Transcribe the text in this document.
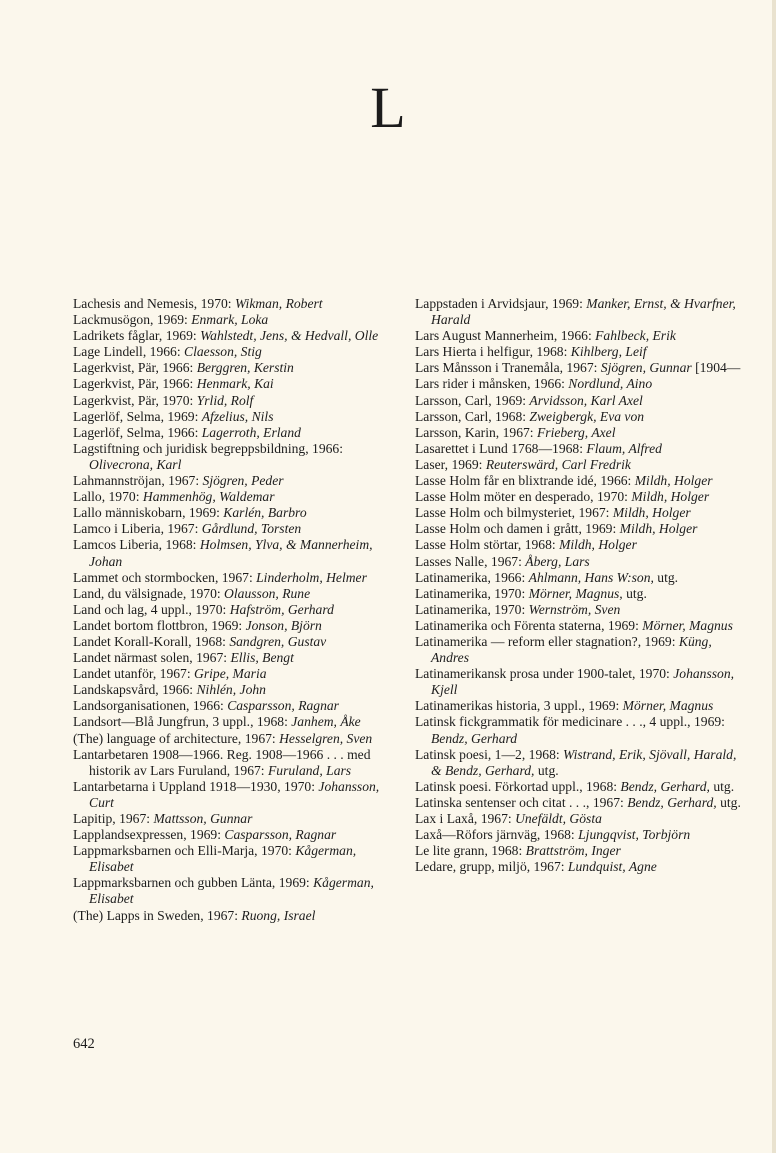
L
Lachesis and Nemesis, 1970: Wikman, Robert
Lackmusögon, 1969: Enmark, Loka
Ladrikets fåglar, 1969: Wahlstedt, Jens, & Hedvall, Olle
Lage Lindell, 1966: Claesson, Stig
Lagerkvist, Pär, 1966: Berggren, Kerstin
Lagerkvist, Pär, 1966: Henmark, Kai
Lagerkvist, Pär, 1970: Yrlid, Rolf
Lagerlöf, Selma, 1969: Afzelius, Nils
Lagerlöf, Selma, 1966: Lagerroth, Erland
Lagstiftning och juridisk begreppsbildning, 1966: Olivecrona, Karl
Lahmannströjan, 1967: Sjögren, Peder
Lallo, 1970: Hammenhög, Waldemar
Lallo människobarn, 1969: Karlén, Barbro
Lamco i Liberia, 1967: Gårdlund, Torsten
Lamcos Liberia, 1968: Holmsen, Ylva, & Mannerheim, Johan
Lammet och stormbocken, 1967: Linderholm, Helmer
Land, du välsignade, 1970: Olausson, Rune
Land och lag, 4 uppl., 1970: Hafström, Gerhard
Landet bortom flottbron, 1969: Jonson, Björn
Landet Korall-Korall, 1968: Sandgren, Gustav
Landet närmast solen, 1967: Ellis, Bengt
Landet utanför, 1967: Gripe, Maria
Landskapsvård, 1966: Nihlén, John
Landsorganisationen, 1966: Casparsson, Ragnar
Landsort—Blå Jungfrun, 3 uppl., 1968: Janhem, Åke
(The) language of architecture, 1967: Hesselgren, Sven
Lantarbetaren 1908—1966. Reg. 1908—1966 . . . med historik av Lars Furuland, 1967: Furuland, Lars
Lantarbetarna i Uppland 1918—1930, 1970: Johansson, Curt
Lapitip, 1967: Mattsson, Gunnar
Lapplandsexpressen, 1969: Casparsson, Ragnar
Lappmarksbarnen och Elli-Marja, 1970: Kågerman, Elisabet
Lappmarksbarnen och gubben Länta, 1969: Kågerman, Elisabet
(The) Lapps in Sweden, 1967: Ruong, Israel
Lappstaden i Arvidsjaur, 1969: Manker, Ernst, & Hvarfner, Harald
Lars August Mannerheim, 1966: Fahlbeck, Erik
Lars Hierta i helfigur, 1968: Kihlberg, Leif
Lars Månsson i Tranemåla, 1967: Sjögren, Gunnar [1904—
Lars rider i månsken, 1966: Nordlund, Aino
Larsson, Carl, 1969: Arvidsson, Karl Axel
Larsson, Carl, 1968: Zweigbergk, Eva von
Larsson, Karin, 1967: Frieberg, Axel
Lasarettet i Lund 1768—1968: Flaum, Alfred
Laser, 1969: Reuterswärd, Carl Fredrik
Lasse Holm får en blixtrande idé, 1966: Mildh, Holger
Lasse Holm möter en desperado, 1970: Mildh, Holger
Lasse Holm och bilmysteriet, 1967: Mildh, Holger
Lasse Holm och damen i grått, 1969: Mildh, Holger
Lasse Holm störtar, 1968: Mildh, Holger
Lasses Nalle, 1967: Åberg, Lars
Latinamerika, 1966: Ahlmann, Hans W:son, utg.
Latinamerika, 1970: Mörner, Magnus, utg.
Latinamerika, 1970: Wernström, Sven
Latinamerika och Förenta staterna, 1969: Mörner, Magnus
Latinamerika — reform eller stagnation?, 1969: Küng, Andres
Latinamerikansk prosa under 1900-talet, 1970: Johansson, Kjell
Latinamerikas historia, 3 uppl., 1969: Mörner, Magnus
Latinsk fickgrammatik för medicinare . . ., 4 uppl., 1969: Bendz, Gerhard
Latinsk poesi, 1—2, 1968: Wistrand, Erik, Sjövall, Harald, & Bendz, Gerhard, utg.
Latinsk poesi. Förkortad uppl., 1968: Bendz, Gerhard, utg.
Latinska sentenser och citat . . ., 1967: Bendz, Gerhard, utg.
Lax i Laxå, 1967: Unefäldt, Gösta
Laxå—Röfors järnväg, 1968: Ljungqvist, Torbjörn
Le lite grann, 1968: Brattström, Inger
Ledare, grupp, miljö, 1967: Lundquist, Agne
642
